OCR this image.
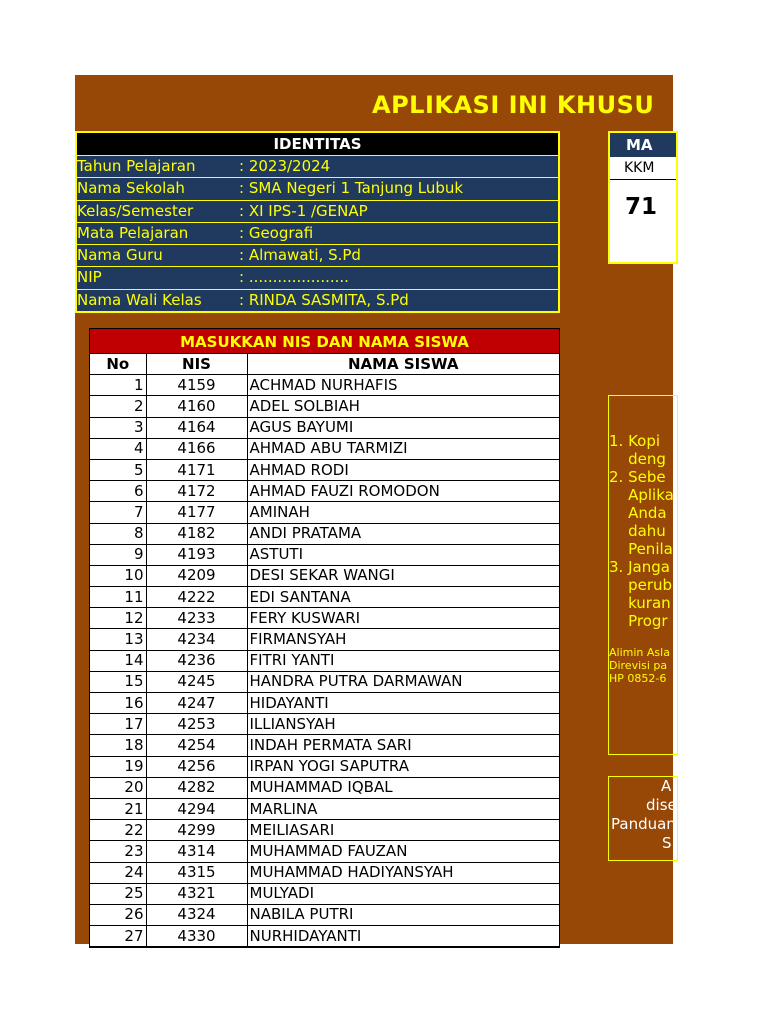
APLIKASI INI KHUSU
IDENTITAS
Tahun Pelajaran	: 2023/2024
Nama Sekolah	: SMA Negeri 1 Tanjung Lubuk
Kelas/Semester	: XI IPS-1 /GENAP
Mata Pelajaran	: Geografi
Nama Guru	: Almawati, S.Pd
NIP	: .....................
Nama Wali Kelas : RINDA SASMITA, S.Pd
MA
KKM
71
1. Kopi
deng
2. Sebe
Aplika
Anda
dahu
Penila
3. Janga
perub
kuran
Progr
Alimin Asla
Direvisi pa
HP 0852-6
A
dise
Panduan
S
MASUKKAN NIS DAN NAMA SISWA
No	NIS	NAMA SISWA
1	4159	ACHMAD NURHAFIS
2	4160	ADEL SOLBIAH
3	4164	AGUS BAYUMI
4	4166	AHMAD ABU TARMIZI
5	4171	AHMAD RODI
6	4172	AHMAD FAUZI ROMODON
7	4177	AMINAH
8	4182	ANDI PRATAMA
9	4193	ASTUTI
10	4209	DESI SEKAR WANGI
11	4222	EDI SANTANA
12	4233	FERY KUSWARI
13	4234	FIRMANSYAH
14	4236	FITRI YANTI
15	4245	HANDRA PUTRA DARMAWAN
16	4247	HIDAYANTI
17	4253	ILLIANSYAH
18	4254	INDAH PERMATA SARI
19	4256	IRPAN YOGI SAPUTRA
20	4282	MUHAMMAD IQBAL
21	4294	MARLINA
22	4299	MEILIASARI
23	4314	MUHAMMAD FAUZAN
24	4315	MUHAMMAD HADIYANSYAH
25	4321	MULYADI
26	4324	NABILA PUTRI
27	4330	NURHIDAYANTI
